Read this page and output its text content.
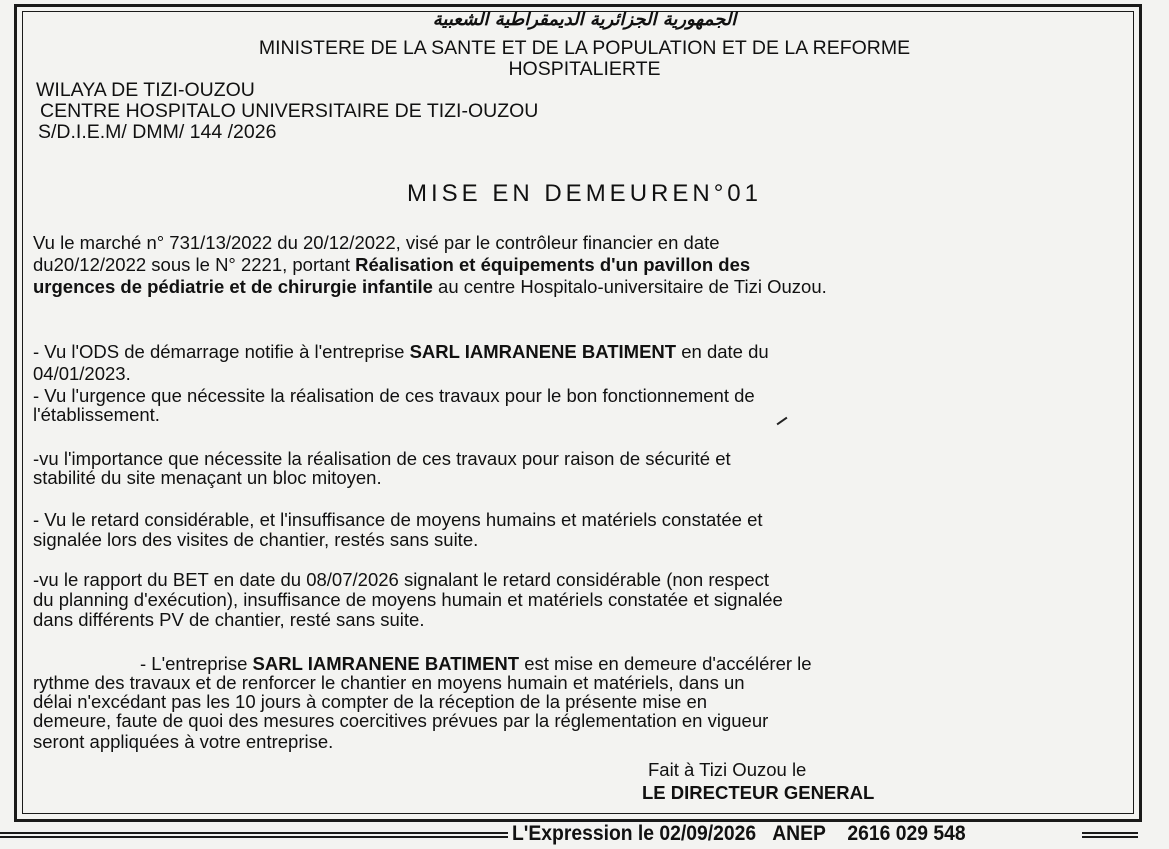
الجمهورية الجزائرية الديمقراطية الشعبية
MINISTERE DE LA SANTE ET DE LA POPULATION ET DE LA REFORME
HOSPITALIERTE
WILAYA DE TIZI-OUZOU
CENTRE HOSPITALO UNIVERSITAIRE DE TIZI-OUZOU
S/D.I.E.M/ DMM/ 144 /2026
MISE EN DEMEUREN°01
Vu le marché n° 731/13/2022 du 20/12/2022, visé par le contrôleur financier en date
du20/12/2022 sous le N° 2221, portant Réalisation et équipements d'un pavillon des
urgences de pédiatrie et de chirurgie infantile au centre Hospitalo-universitaire de Tizi Ouzou.
- Vu l'ODS de démarrage notifie à l'entreprise SARL IAMRANENE BATIMENT en date du
04/01/2023.
- Vu l'urgence que nécessite la réalisation de ces travaux pour le bon fonctionnement de
l'établissement.
-vu l'importance que nécessite la réalisation de ces travaux pour raison de sécurité et
stabilité du site menaçant un bloc mitoyen.
- Vu le retard considérable, et l'insuffisance de moyens humains et matériels constatée et
signalée lors des visites de chantier, restés sans suite.
-vu le rapport du BET en date du 08/07/2026 signalant le retard considérable (non respect
du planning d'exécution), insuffisance de moyens humain et matériels constatée et signalée
dans différents PV de chantier, resté sans suite.
- L'entreprise SARL IAMRANENE BATIMENT est mise en demeure d'accélérer le
rythme des travaux et de renforcer le chantier en moyens humain et matériels, dans un
délai n'excédant pas les 10 jours à compter de la réception de la présente mise en
demeure, faute de quoi des mesures coercitives prévues par la réglementation en vigueur
seront appliquées à votre entreprise.
Fait à Tizi Ouzou le
LE DIRECTEUR GENERAL
L'Expression le 02/09/2026 ANEP 2616 029 548
